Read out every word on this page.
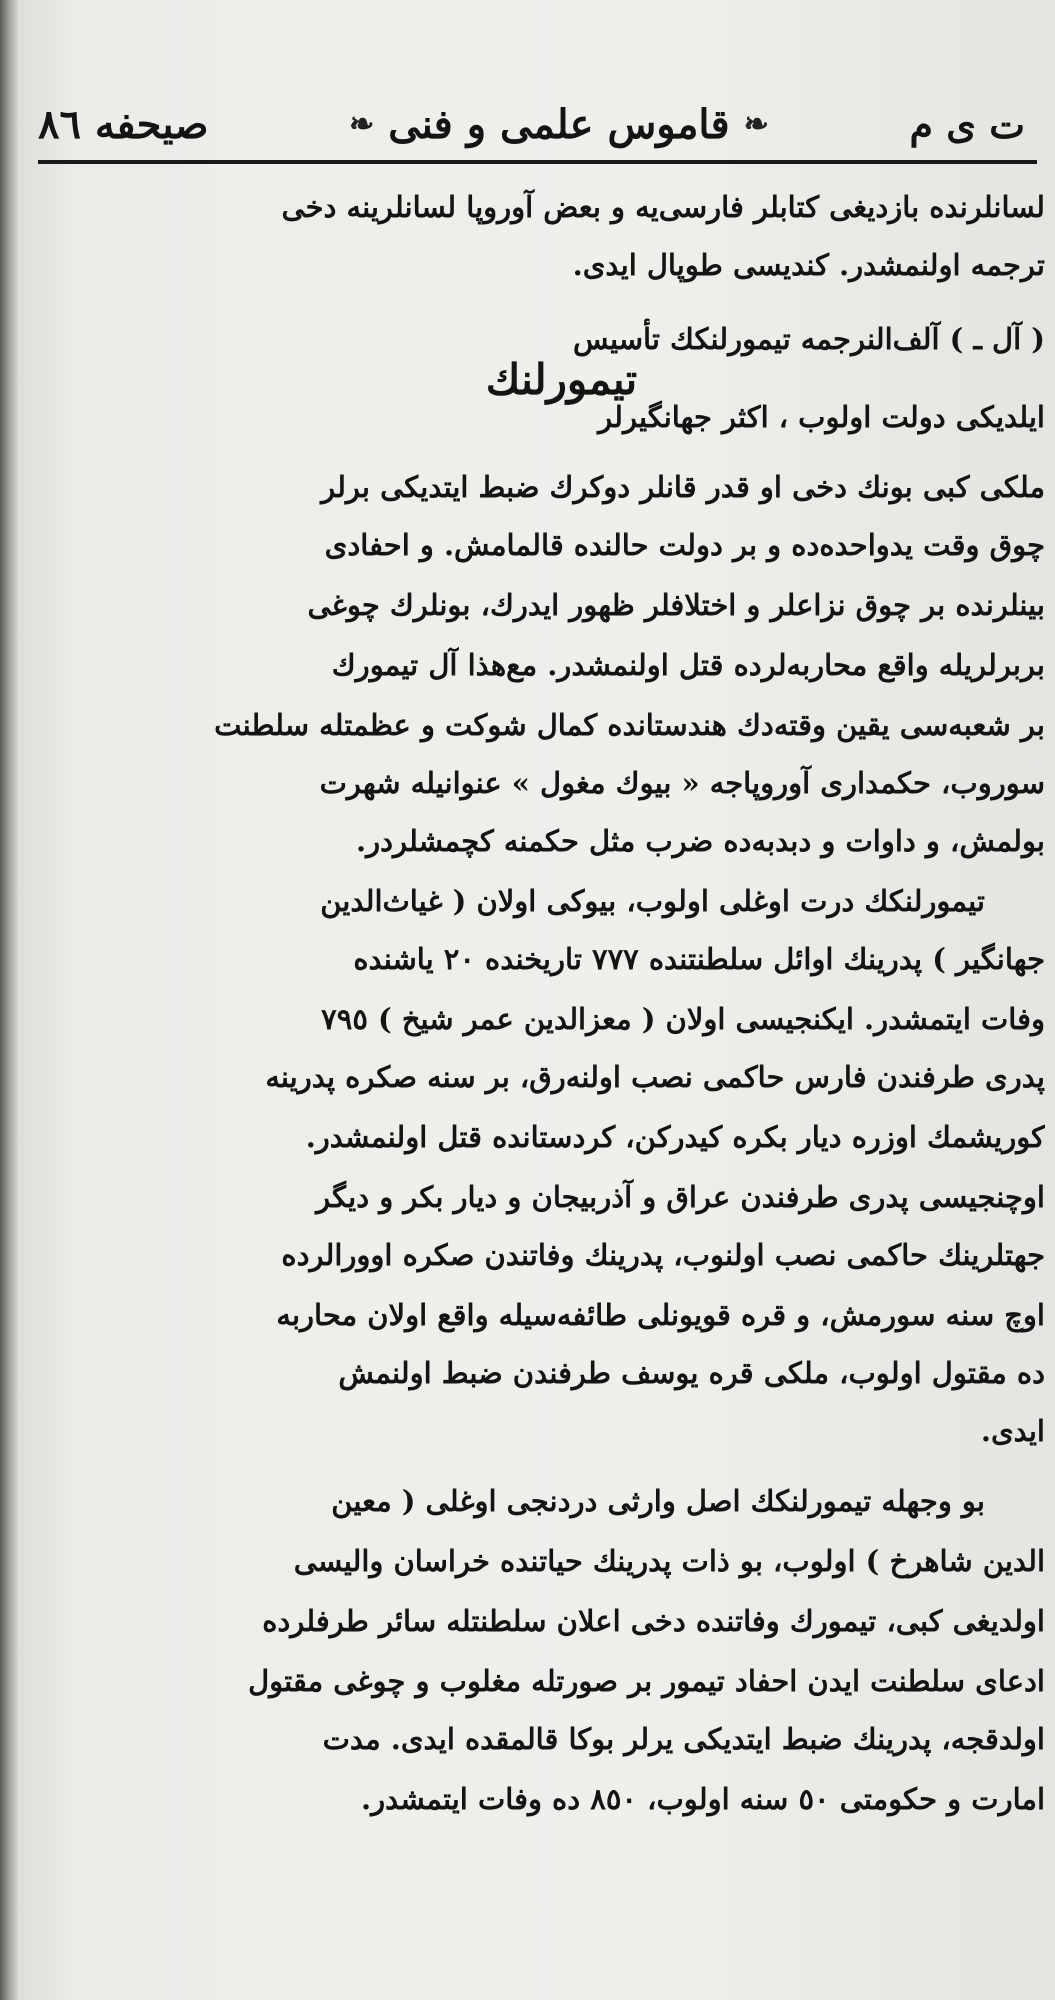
ت ی م
❧
قاموس علمی و فنی
❧
صیحفه ٨٦
لسانلرنده بازدیغی کتابلر فارسی‌یه و بعض آوروپا لسانلرینه دخی
ترجمه اولنمشدر. کندیسی طوپال ایدی.
( آل ـ ) آلف‌النرجمه تیمورلنکك تأسیس
تیمورلنك
ایلدیکی دولت اولوب ، اکثر جهانگیرلر
ملکی کبی بونك دخی او قدر قانلر دوکرك ضبط ایتدیکی برلر
چوق وقت یدواحده‌ده و بر دولت حالنده قالمامش. و احفادی
بینلرنده بر چوق نزاعلر و اختلافلر ظهور ایدرك، بونلرك چوغی
بربرلریله واقع محاربه‌لرده قتل اولنمشدر. مع‌هذا آل تیمورك
بر شعبه‌سی یقین وقته‌دك هندستانده کمال شوکت و عظمتله سلطنت
سوروب، حکمداری آوروپاجه « بیوك مغول » عنوانیله شهرت
بولمش، و داوات و دبدبه‌ده ضرب مثل حکمنه کچمشلردر.
تیمورلنکك درت اوغلی اولوب، بیوکی اولان ( غیاث‌الدین
جهانگیر ) پدرینك اوائل سلطنتنده ٧٧٧ تاریخنده ٢٠ یاشنده
وفات ایتمشدر. ایکنجیسی اولان ( معزالدین عمر شیخ ) ٧٩٥
پدری طرفندن فارس حاکمی نصب اولنه‌رق، بر سنه صکره پدرینه
کوریشمك اوزره دیار بکره کیدرکن، کردستانده قتل اولنمشدر.
اوچنجیسی پدری طرفندن عراق و آذربیجان و دیار بکر و دیگر
جهتلرینك حاکمی نصب اولنوب، پدرینك وفاتندن صکره اوورالرده
اوچ سنه سورمش، و قره قویونلی طائفه‌سیله واقع اولان محاربه
ده مقتول اولوب، ملکی قره یوسف طرفندن ضبط اولنمش
ایدی.
بو وجهله تیمورلنکك اصل وارثی دردنجی اوغلی ( معین
الدین شاهرخ ) اولوب، بو ذات پدرینك حیاتنده خراسان والیسی
اولدیغی کبی، تیمورك وفاتنده دخی اعلان سلطنتله سائر طرفلرده
ادعای سلطنت ایدن احفاد تیمور بر صورتله مغلوب و چوغی مقتول
اولدقجه، پدرینك ضبط ایتدیکی یرلر بوکا قالمقده ایدی. مدت
امارت و حکومتی ٥٠ سنه اولوب، ٨٥٠ ده وفات ایتمشدر.
